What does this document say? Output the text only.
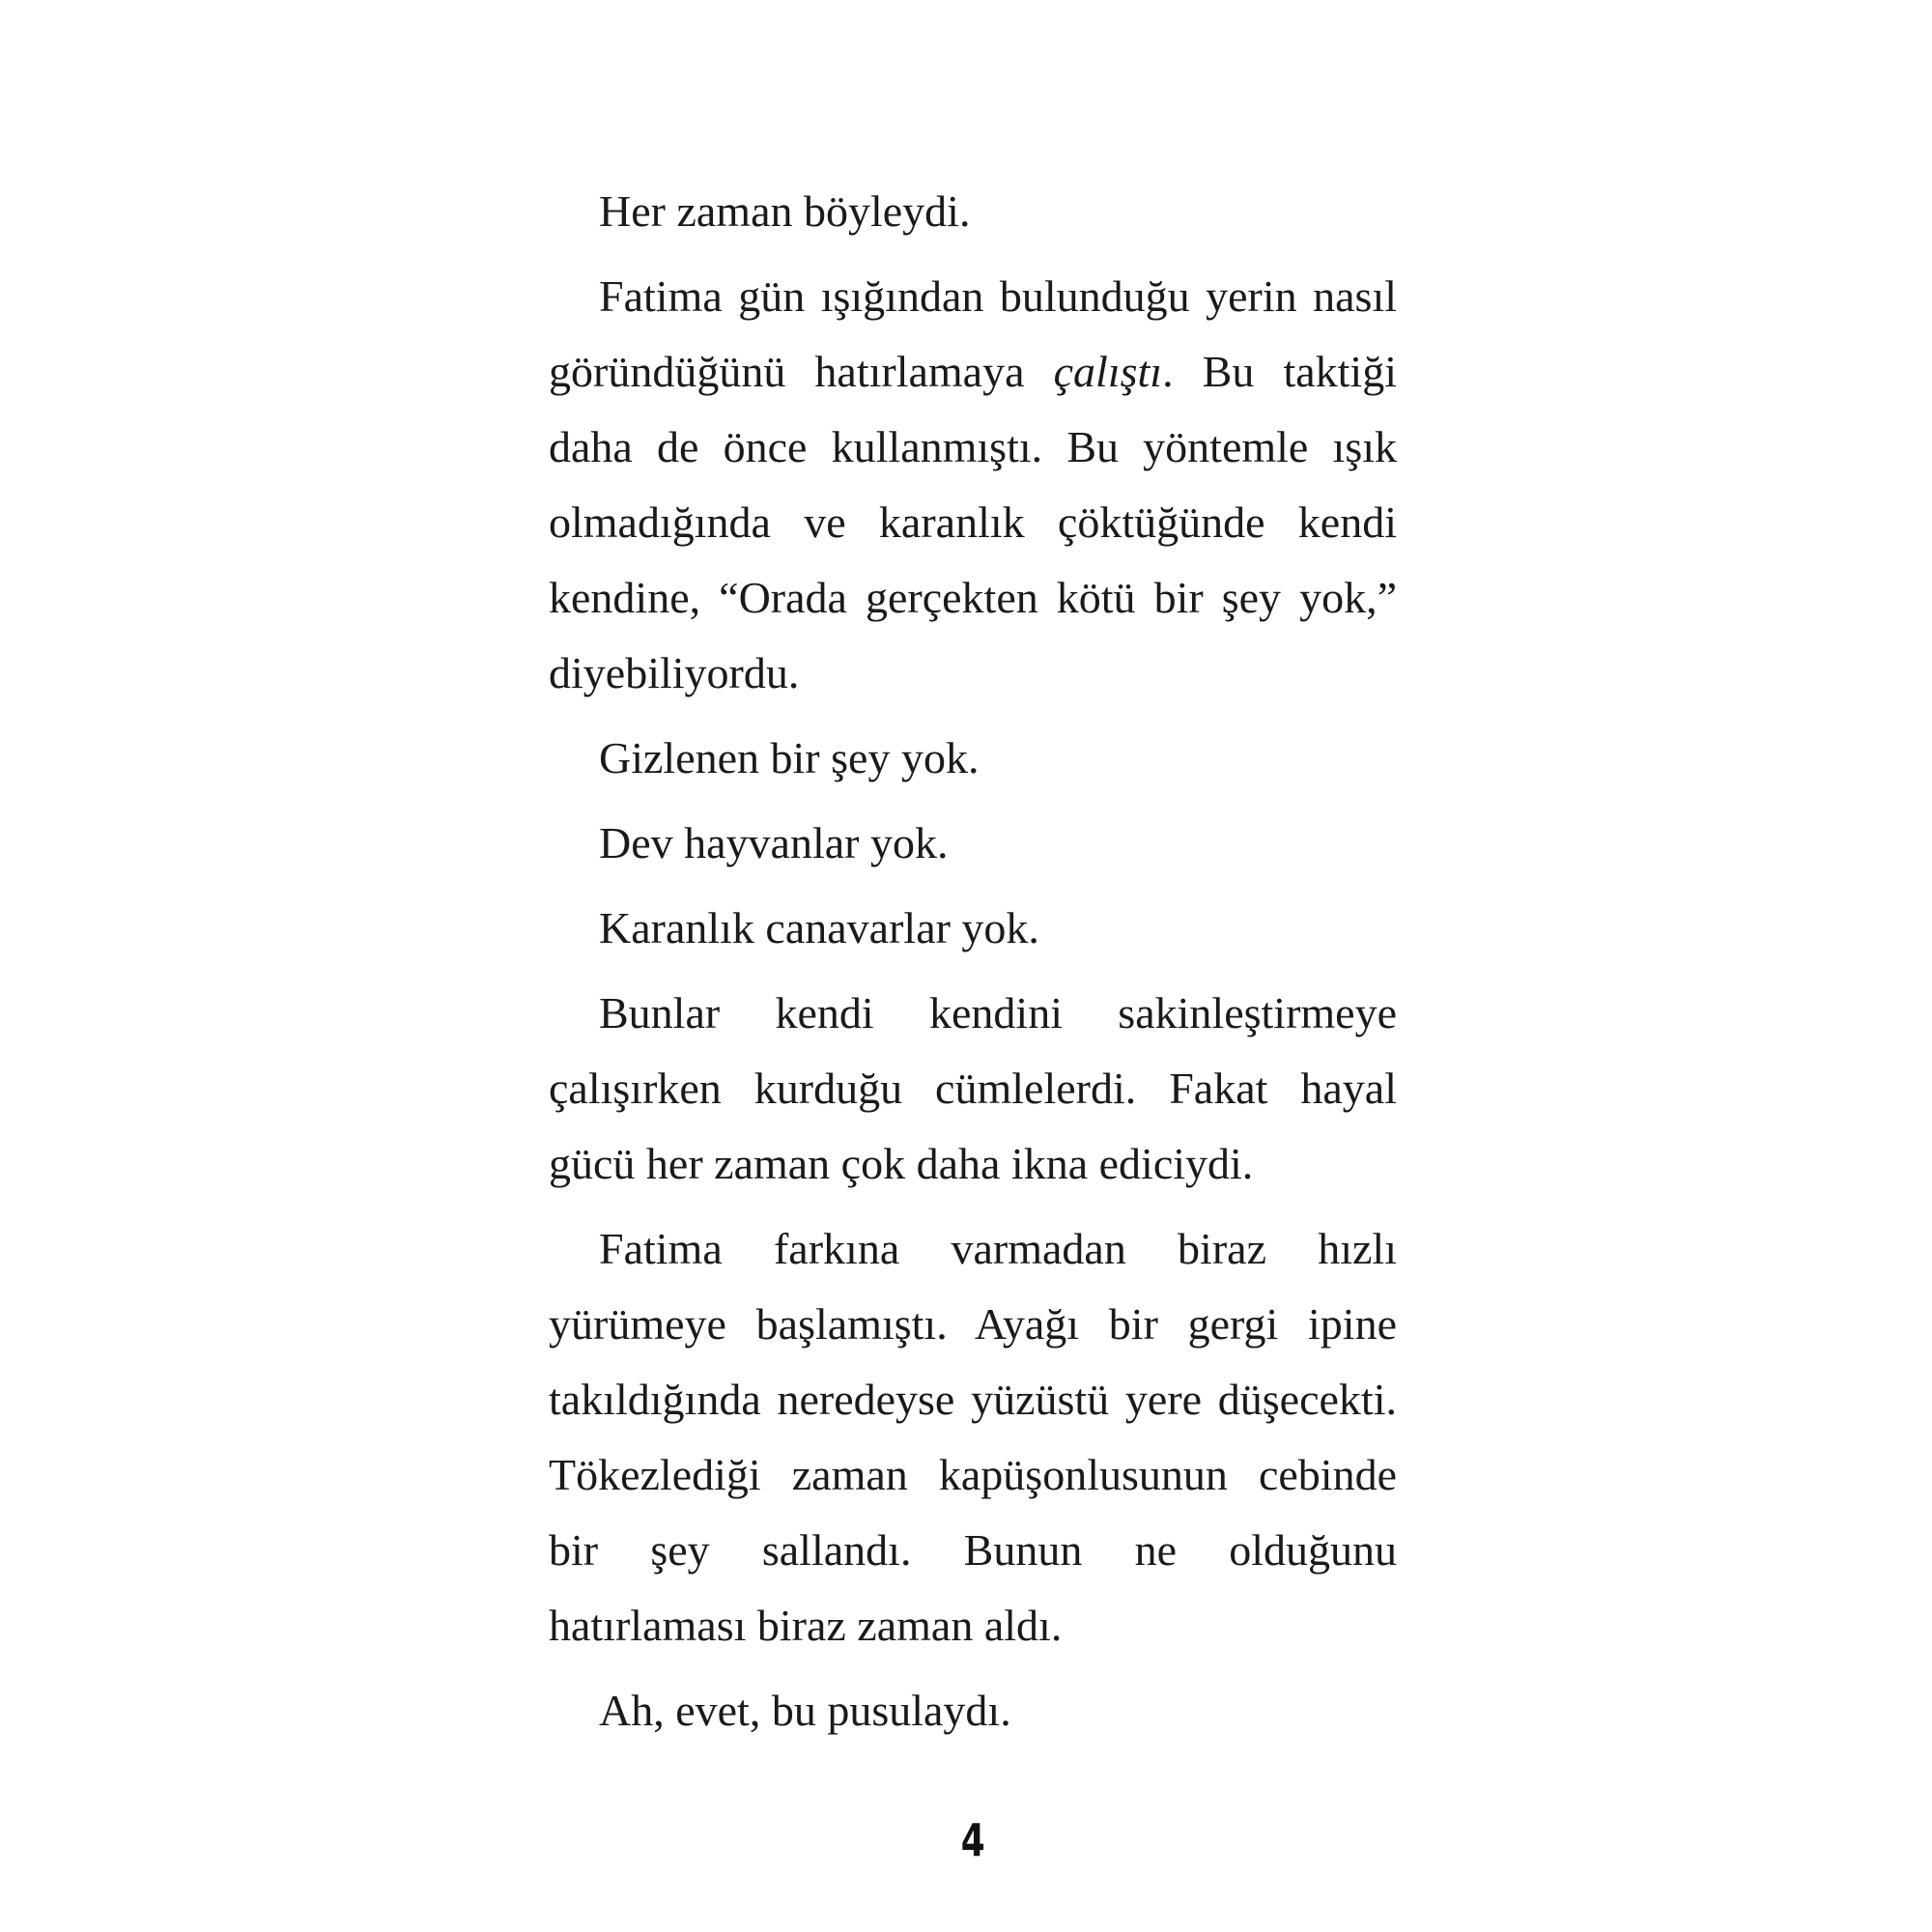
Her zaman böyleydi.

Fatima gün ışığından bulunduğu yerin nasıl göründüğünü hatırlamaya çalıştı. Bu taktiği daha de önce kullanmıştı. Bu yöntemle ışık olmadığında ve karanlık çöktüğünde kendi kendine, “Orada gerçekten kötü bir şey yok,” diyebiliyordu.

Gizlenen bir şey yok.

Dev hayvanlar yok.

Karanlık canavarlar yok.

Bunlar kendi kendini sakinleştirmeye çalışırken kurduğu cümlelerdi. Fakat hayal gücü her zaman çok daha ikna ediciydi.

Fatima farkına varmadan biraz hızlı yürümeye başlamıştı. Ayağı bir gergi ipine takıldığında neredeyse yüzüstü yere düşecekti. Tökezlediği zaman kapüşonlusunun cebinde bir şey sallandı. Bunun ne olduğunu hatırlaması biraz zaman aldı.

Ah, evet, bu pusulaydı.

4
